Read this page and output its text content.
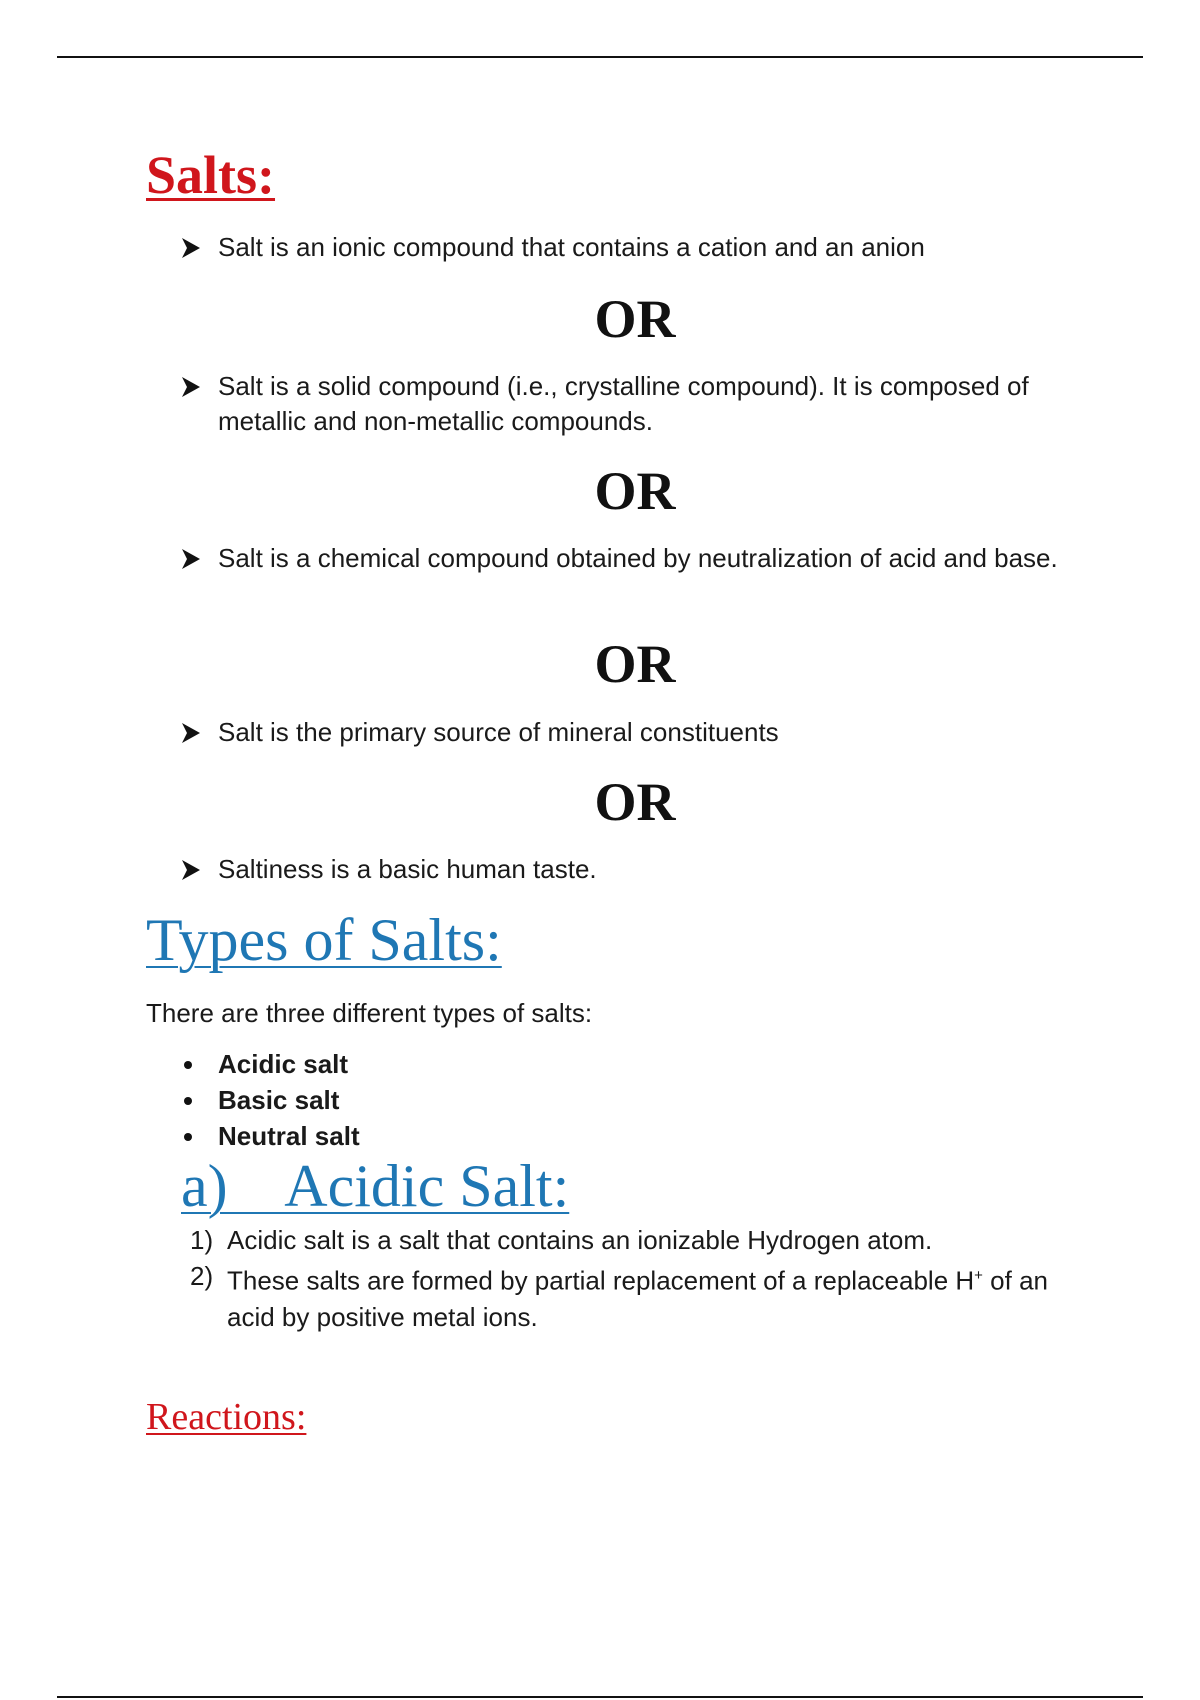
Salts:
Salt is an ionic compound that contains a cation and an anion
OR
Salt is a solid compound (i.e., crystalline compound). It is composed of metallic and non-metallic compounds.
OR
Salt is a chemical compound obtained by neutralization of acid and base.
OR
Salt is the primary source of mineral constituents
OR
Saltiness is a basic human taste.
Types of Salts:
There are three different types of salts:
Acidic salt
Basic salt
Neutral salt
a)    Acidic Salt:
1) Acidic salt is a salt that contains an ionizable Hydrogen atom.
2) These salts are formed by partial replacement of a replaceable H+ of an acid by positive metal ions.
Reactions:
